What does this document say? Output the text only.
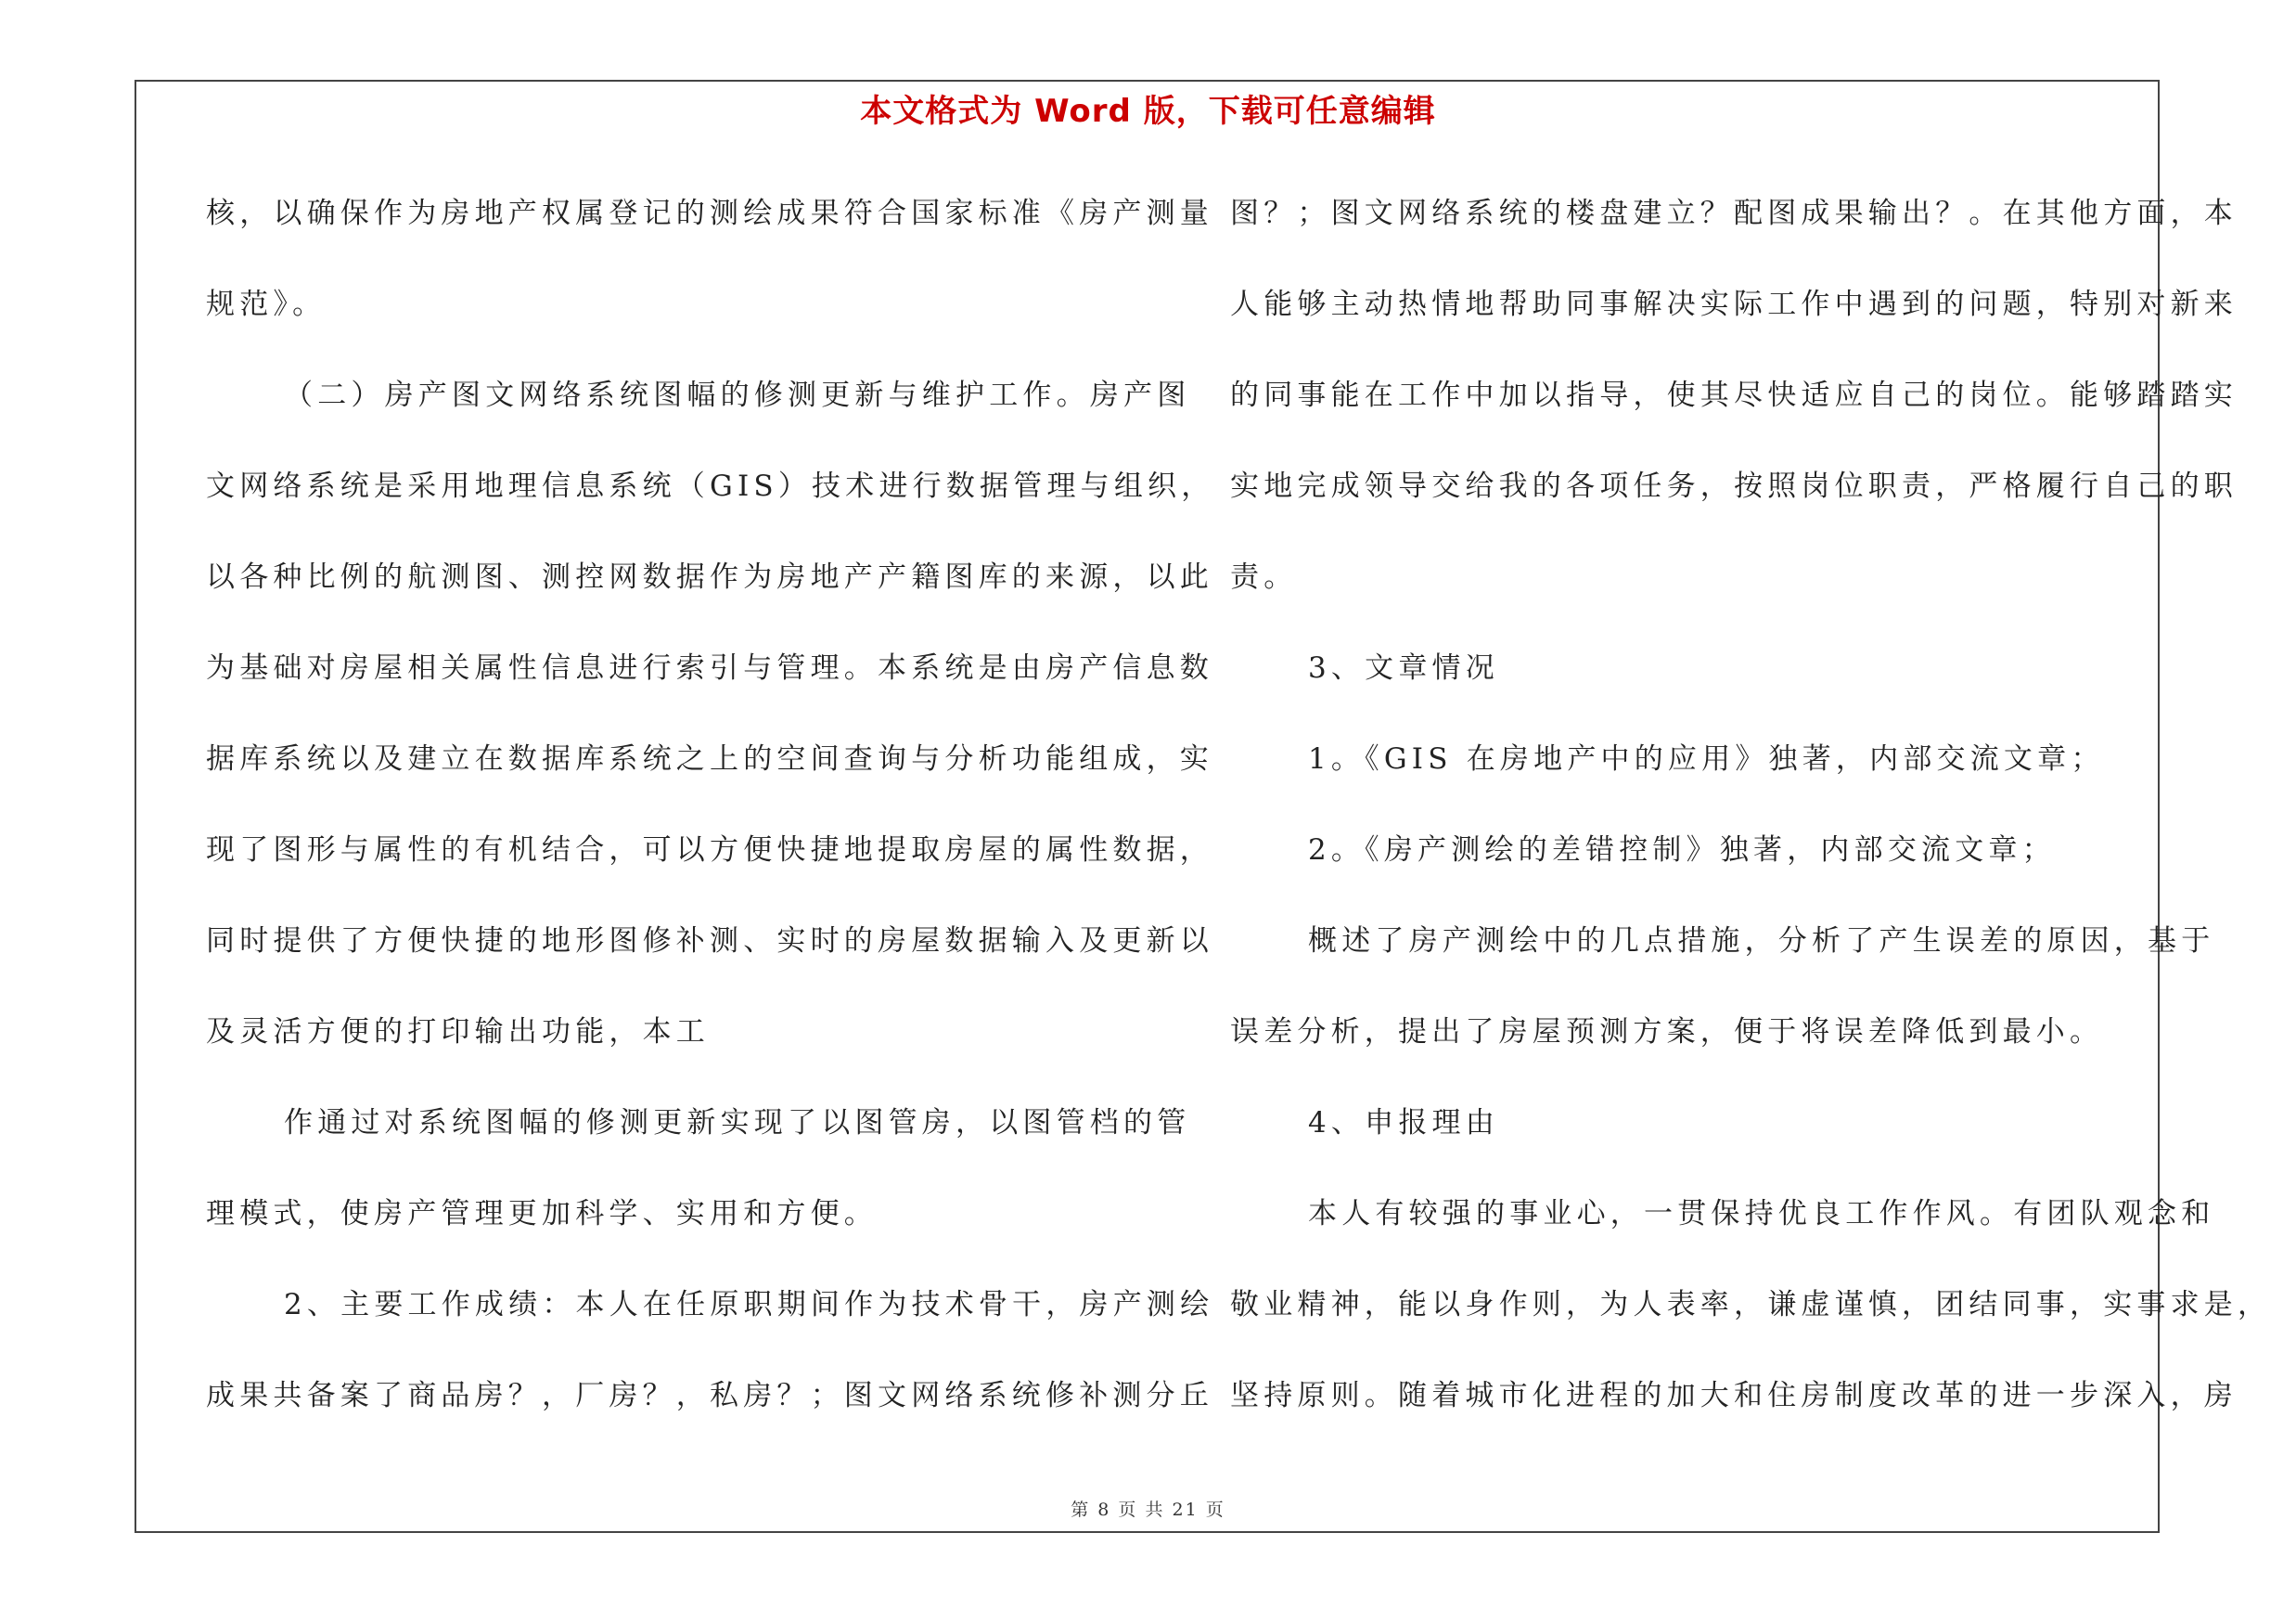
本文格式为 Word 版，下载可任意编辑
核，以确保作为房地产权属登记的测绘成果符合国家标准《房产测量
规范》。
（二）房产图文网络系统图幅的修测更新与维护工作。房产图
文网络系统是采用地理信息系统（GIS）技术进行数据管理与组织，
以各种比例的航测图、测控网数据作为房地产产籍图库的来源，以此
为基础对房屋相关属性信息进行索引与管理。本系统是由房产信息数
据库系统以及建立在数据库系统之上的空间查询与分析功能组成，实
现了图形与属性的有机结合，可以方便快捷地提取房屋的属性数据，
同时提供了方便快捷的地形图修补测、实时的房屋数据输入及更新以
及灵活方便的打印输出功能，本工
作通过对系统图幅的修测更新实现了以图管房，以图管档的管
理模式，使房产管理更加科学、实用和方便。
2、主要工作成绩：本人在任原职期间作为技术骨干，房产测绘
成果共备案了商品房？，厂房？，私房？；图文网络系统修补测分丘
图？；图文网络系统的楼盘建立？配图成果输出？。在其他方面，本
人能够主动热情地帮助同事解决实际工作中遇到的问题，特别对新来
的同事能在工作中加以指导，使其尽快适应自己的岗位。能够踏踏实
实地完成领导交给我的各项任务，按照岗位职责，严格履行自己的职
责。
3、文章情况
1。《GIS 在房地产中的应用》独著，内部交流文章；
2。《房产测绘的差错控制》独著，内部交流文章；
概述了房产测绘中的几点措施，分析了产生误差的原因，基于
误差分析，提出了房屋预测方案，便于将误差降低到最小。
4、申报理由
本人有较强的事业心，一贯保持优良工作作风。有团队观念和
敬业精神，能以身作则，为人表率，谦虚谨慎，团结同事，实事求是，
坚持原则。随着城市化进程的加大和住房制度改革的进一步深入，房
第 8 页 共 21 页
